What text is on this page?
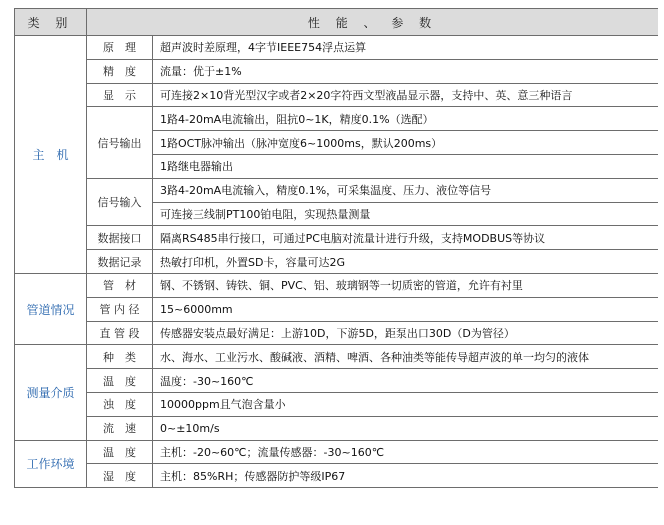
类 别	性 能 、 参 数	
主　机	原　理	超声波时差原理，4字节IEEE754浮点运算
	精　度	流量：优于±1%
	显　示	可连接2×10背光型汉字或者2×20字符西文型液晶显示器，支持中、英、意三种语言
	信号输出	1路4-20mA电流输出，阻抗0~1K，精度0.1%（选配）
		1路OCT脉冲输出（脉冲宽度6~1000ms，默认200ms）
		1路继电器输出
	信号输入	3路4-20mA电流输入，精度0.1%，可采集温度、压力、液位等信号
		可连接三线制PT100铂电阻，实现热量测量
	数据接口	隔离RS485串行接口，可通过PC电脑对流量计进行升级，支持MODBUS等协议
	数据记录	热敏打印机，外置SD卡，容量可达2G
管道情况	管　材	钢、不锈钢、铸铁、铜、PVC、铝、玻璃钢等一切质密的管道，允许有衬里
	管 内 径	15~6000mm
	直 管 段	传感器安装点最好满足：上游10D，下游5D，距泵出口30D（D为管径）
测量介质	种　类	水、海水、工业污水、酸碱液、酒精、啤酒、各种油类等能传导超声波的单一均匀的液体
	温　度	温度：-30~160℃
	浊　度	10000ppm且气泡含量小
	流　速	0~±10m/s
工作环境	温　度	主机：-20~60℃；流量传感器：-30~160℃
	湿　度	主机：85%RH；传感器防护等级IP67
